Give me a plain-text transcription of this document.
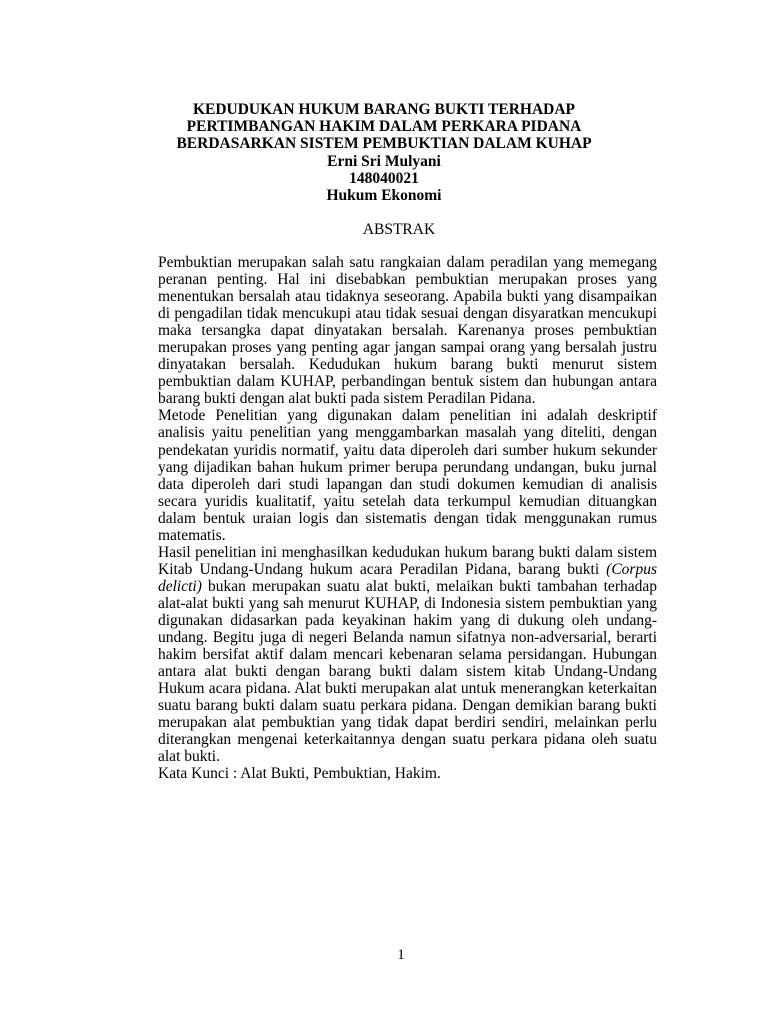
KEDUDUKAN HUKUM BARANG BUKTI TERHADAP
PERTIMBANGAN HAKIM DALAM PERKARA PIDANA
BERDASARKAN SISTEM PEMBUKTIAN DALAM KUHAP
Erni Sri Mulyani
148040021
Hukum Ekonomi
ABSTRAK

Pembuktian merupakan salah satu rangkaian dalam peradilan yang memegang peranan penting. Hal ini disebabkan pembuktian merupakan proses yang menentukan bersalah atau tidaknya seseorang. Apabila bukti yang disampaikan di pengadilan tidak mencukupi atau tidak sesuai dengan disyaratkan mencukupi maka tersangka dapat dinyatakan bersalah. Karenanya proses pembuktian merupakan proses yang penting agar jangan sampai orang yang bersalah justru dinyatakan bersalah. Kedudukan hukum barang bukti menurut sistem pembuktian dalam KUHAP, perbandingan bentuk sistem dan hubungan antara barang bukti dengan alat bukti pada sistem Peradilan Pidana.

Metode Penelitian yang digunakan dalam penelitian ini adalah deskriptif analisis yaitu penelitian yang menggambarkan masalah yang diteliti, dengan pendekatan yuridis normatif, yaitu data diperoleh dari sumber hukum sekunder yang dijadikan bahan hukum primer berupa perundang undangan, buku jurnal data diperoleh dari studi lapangan dan studi dokumen kemudian di analisis secara yuridis kualitatif, yaitu setelah data terkumpul kemudian dituangkan dalam bentuk uraian logis dan sistematis dengan tidak menggunakan rumus matematis.

Hasil penelitian ini menghasilkan kedudukan hukum barang bukti dalam sistem Kitab Undang-Undang hukum acara Peradilan Pidana, barang bukti (Corpus delicti) bukan merupakan suatu alat bukti, melaikan bukti tambahan terhadap alat-alat bukti yang sah menurut KUHAP, di Indonesia sistem pembuktian yang digunakan didasarkan pada keyakinan hakim yang di dukung oleh undang-undang. Begitu juga di negeri Belanda namun sifatnya non-adversarial, berarti hakim bersifat aktif dalam mencari kebenaran selama persidangan. Hubungan antara alat bukti dengan barang bukti dalam sistem kitab Undang-Undang Hukum acara pidana. Alat bukti merupakan alat untuk menerangkan keterkaitan suatu barang bukti dalam suatu perkara pidana. Dengan demikian barang bukti merupakan alat pembuktian yang tidak dapat berdiri sendiri, melainkan perlu diterangkan mengenai keterkaitannya dengan suatu perkara pidana oleh suatu alat bukti.

Kata Kunci : Alat Bukti, Pembuktian, Hakim.

1
